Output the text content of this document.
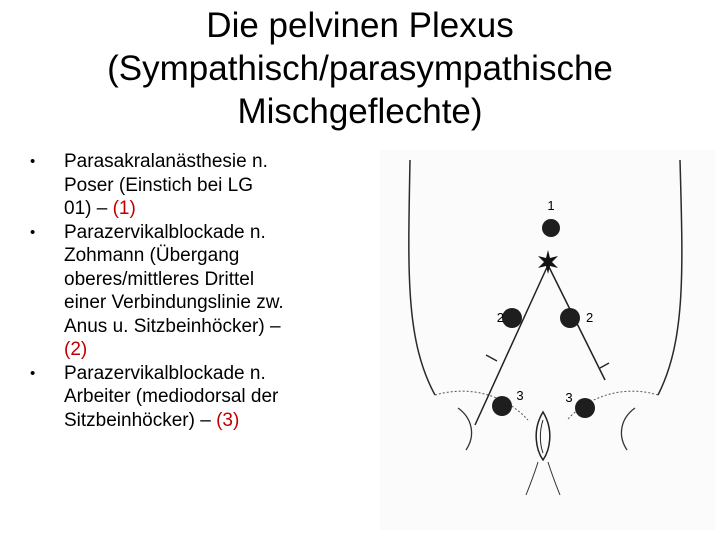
Die pelvinen Plexus
(Sympathisch/parasympathische
Mischgeflechte)
• Parasakralanästhesie n.
Poser (Einstich bei LG
01) – (1)
• Parazervikalblockade n.
Zohmann (Übergang
oberes/mittleres Drittel
einer Verbindungslinie zw.
Anus u. Sitzbeinhöcker) –
(2)
• Parazervikalblockade n.
Arbeiter (mediodorsal der
Sitzbeinhöcker) – (3)
1
2	2
3	3
